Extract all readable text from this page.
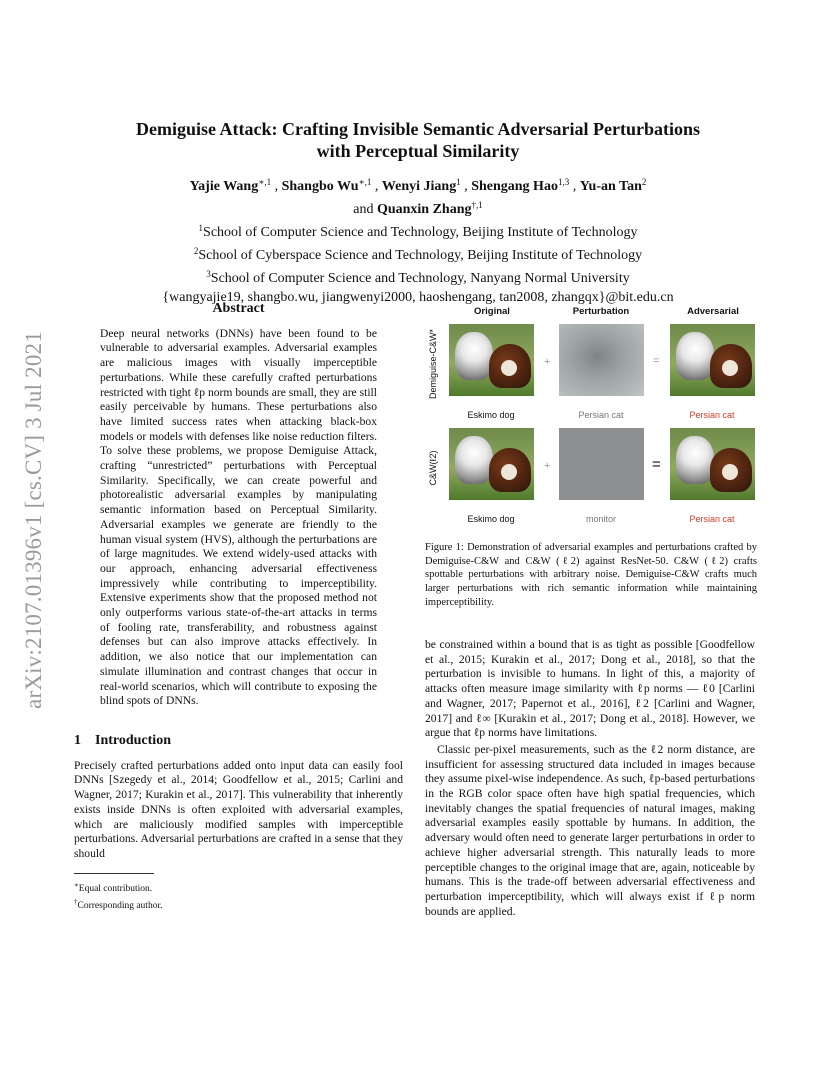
arXiv:2107.01396v1 [cs.CV] 3 Jul 2021
Demiguise Attack: Crafting Invisible Semantic Adversarial Perturbations
with Perceptual Similarity
Yajie Wang$^{∗,1}$ , Shangbo $Wu^{∗,1}$ , Wenyi Jiang$^1$ , Shengang Hao$^{1,3}$ , Yu-an Tan$^2$
and Quanxin Zhang$^{\dagger,1}$
$^1$School of Computer Science and Technology, Beijing Institute of Technology
$^2$School of Cyberspace Science and Technology, Beijing Institute of Technology
$^3$School of Computer Science and Technology, Nanyang Normal University
{wangyajie19, shangbo.wu, jiangwenyi2000, haoshengang, tan2008, zhangqx}@bit.edu.cn
Abstract
Deep neural networks (DNNs) have been found to be vulnerable to adversarial examples. Adversarial examples are malicious images with visually imperceptible perturbations. While these carefully crafted perturbations restricted with tight ℓp norm bounds are small, they are still easily perceivable by humans. These perturbations also have limited success rates when attacking black-box models or models with defenses like noise reduction filters. To solve these problems, we propose Demiguise Attack, crafting “unrestricted” perturbations with Perceptual Similarity. Specifically, we can create powerful and photorealistic adversarial examples by manipulating semantic information based on Perceptual Similarity. Adversarial examples we generate are friendly to the human visual system (HVS), although the perturbations are of large magnitudes. We extend widely-used attacks with our approach, enhancing adversarial effectiveness impressively while contributing to imperceptibility. Extensive experiments show that the proposed method not only outperforms various state-of-the-art attacks in terms of fooling rate, transferability, and robustness against defenses but can also improve attacks effectively. In addition, we also notice that our implementation can simulate illumination and contrast changes that occur in real-world scenarios, which will contribute to exposing the blind spots of DNNs.
1 Introduction
Precisely crafted perturbations added onto input data can easily fool DNNs [Szegedy et al., 2014; Goodfellow et al., 2015; Carlini and Wagner, 2017; Kurakin et al., 2017]. This vulnerability that inherently exists inside DNNs is often exploited with adversarial examples, which are maliciously modified samples with imperceptible perturbations. Adversarial perturbations are crafted in a sense that they should
∗Equal contribution.
†Corresponding author.
Original	Perturbation	Adversarial
Demiguise-C&W*	+	=
Eskimo dog	Persian cat	Persian cat
C&W(ℓ2)	+	=
Eskimo dog	monitor	Persian cat
Figure 1: Demonstration of adversarial examples and perturbations crafted by Demiguise-C&W and C&W (ℓ2) against ResNet-50. C&W (ℓ2) crafts spottable perturbations with arbitrary noise. Demiguise-C&W crafts much larger perturbations with rich semantic information while maintaining imperceptibility.
be constrained within a bound that is as tight as possible [Goodfellow et al., 2015; Kurakin et al., 2017; Dong et al., 2018], so that the perturbation is invisible to humans. In light of this, a majority of attacks often measure image similarity with ℓp norms — ℓ0 [Carlini and Wagner, 2017; Papernot et al., 2016], ℓ2 [Carlini and Wagner, 2017] and ℓ∞ [Kurakin et al., 2017; Dong et al., 2018]. However, we argue that ℓp norms have limitations.
Classic per-pixel measurements, such as the ℓ2 norm distance, are insufficient for assessing structured data included in images because they assume pixel-wise independence. As such, ℓp-based perturbations in the RGB color space often have high spatial frequencies, which inevitably changes the spatial frequencies of natural images, making adversarial examples easily spottable by humans. In addition, the adversary would often need to generate larger perturbations in order to achieve higher adversarial strength. This naturally leads to more perceptible changes to the original image that are, again, noticeable by humans. This is the trade-off between adversarial effectiveness and perturbation imperceptibility, which will always exist if ℓp norm bounds are applied.
